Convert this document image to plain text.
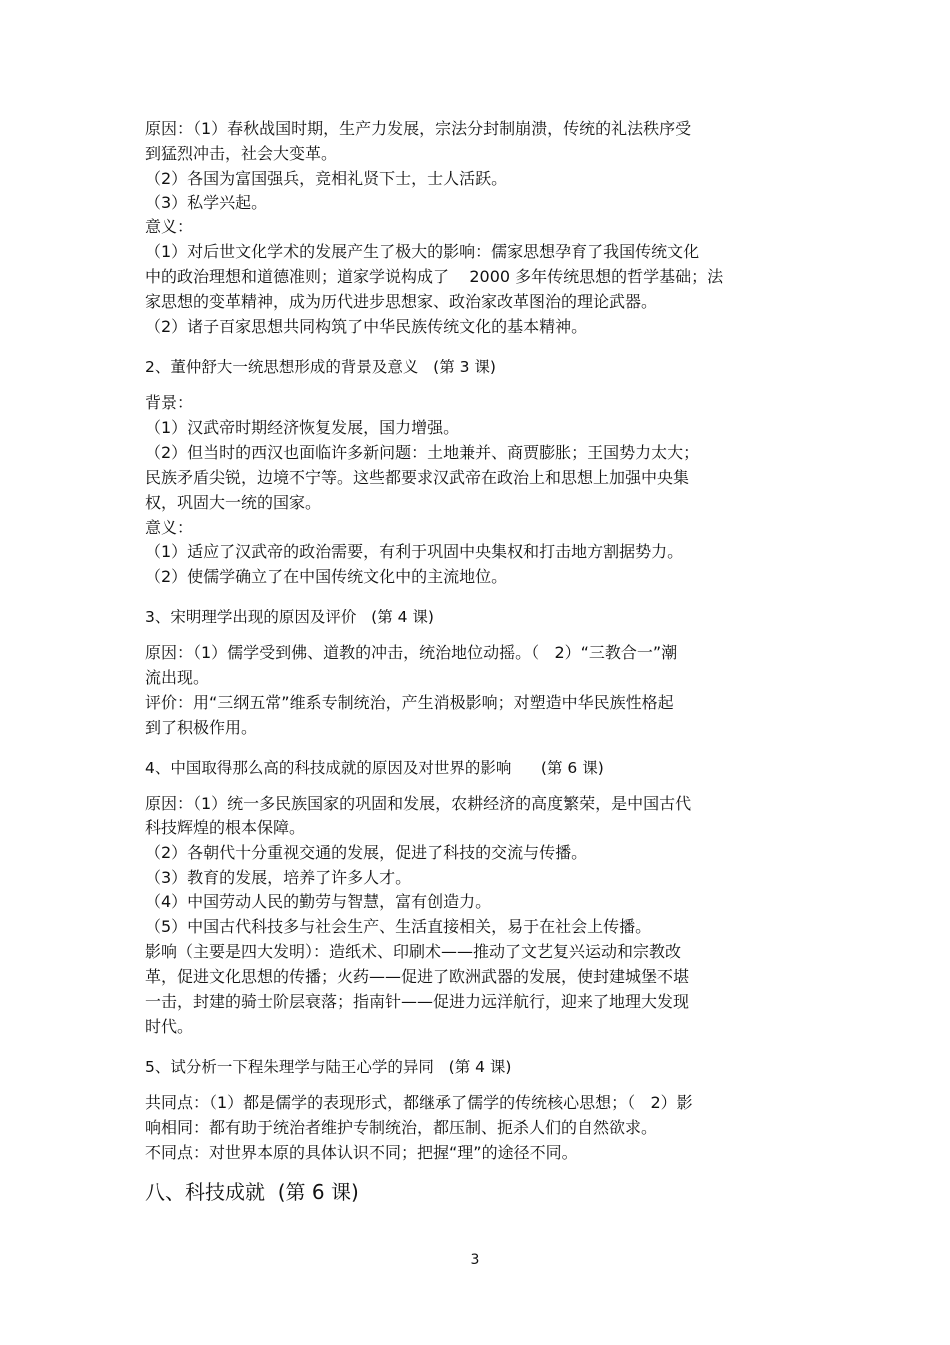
原因：（1）春秋战国时期，生产力发展，宗法分封制崩溃，传统的礼法秩序受
到猛烈冲击，社会大变革。
（2）各国为富国强兵，竞相礼贤下士，士人活跃。
（3）私学兴起。
意义：
（1）对后世文化学术的发展产生了极大的影响：儒家思想孕育了我国传统文化
中的政治理想和道德准则；道家学说构成了    2000 多年传统思想的哲学基础；法
家思想的变革精神，成为历代进步思想家、政治家改革图治的理论武器。
（2）诸子百家思想共同构筑了中华民族传统文化的基本精神。
2、董仲舒大一统思想形成的背景及意义   (第 3 课)
背景：
（1）汉武帝时期经济恢复发展，国力增强。
（2）但当时的西汉也面临许多新问题：土地兼并、商贾膨胀；王国势力太大；
民族矛盾尖锐，边境不宁等。这些都要求汉武帝在政治上和思想上加强中央集
权，巩固大一统的国家。
意义：
（1）适应了汉武帝的政治需要，有利于巩固中央集权和打击地方割据势力。
（2）使儒学确立了在中国传统文化中的主流地位。
3、宋明理学出现的原因及评价   (第 4 课)
原因：（1）儒学受到佛、道教的冲击，统治地位动摇。（   2）“三教合一”潮
流出现。
评价：用“三纲五常”维系专制统治，产生消极影响；对塑造中华民族性格起
到了积极作用。
4、中国取得那么高的科技成就的原因及对世界的影响      (第 6 课)
原因：（1）统一多民族国家的巩固和发展，农耕经济的高度繁荣，是中国古代
科技辉煌的根本保障。
（2）各朝代十分重视交通的发展，促进了科技的交流与传播。
（3）教育的发展，培养了许多人才。
（4）中国劳动人民的勤劳与智慧，富有创造力。
（5）中国古代科技多与社会生产、生活直接相关，易于在社会上传播。
影响（主要是四大发明）：造纸术、印刷术——推动了文艺复兴运动和宗教改
革，促进文化思想的传播；火药——促进了欧洲武器的发展，使封建城堡不堪
一击，封建的骑士阶层衰落；指南针——促进力远洋航行，迎来了地理大发现
时代。
5、试分析一下程朱理学与陆王心学的异同   (第 4 课)
共同点：（1）都是儒学的表现形式，都继承了儒学的传统核心思想；（   2）影
响相同：都有助于统治者维护专制统治，都压制、扼杀人们的自然欲求。
不同点：对世界本原的具体认识不同；把握“理”的途径不同。
八、科技成就  (第 6 课)
3
